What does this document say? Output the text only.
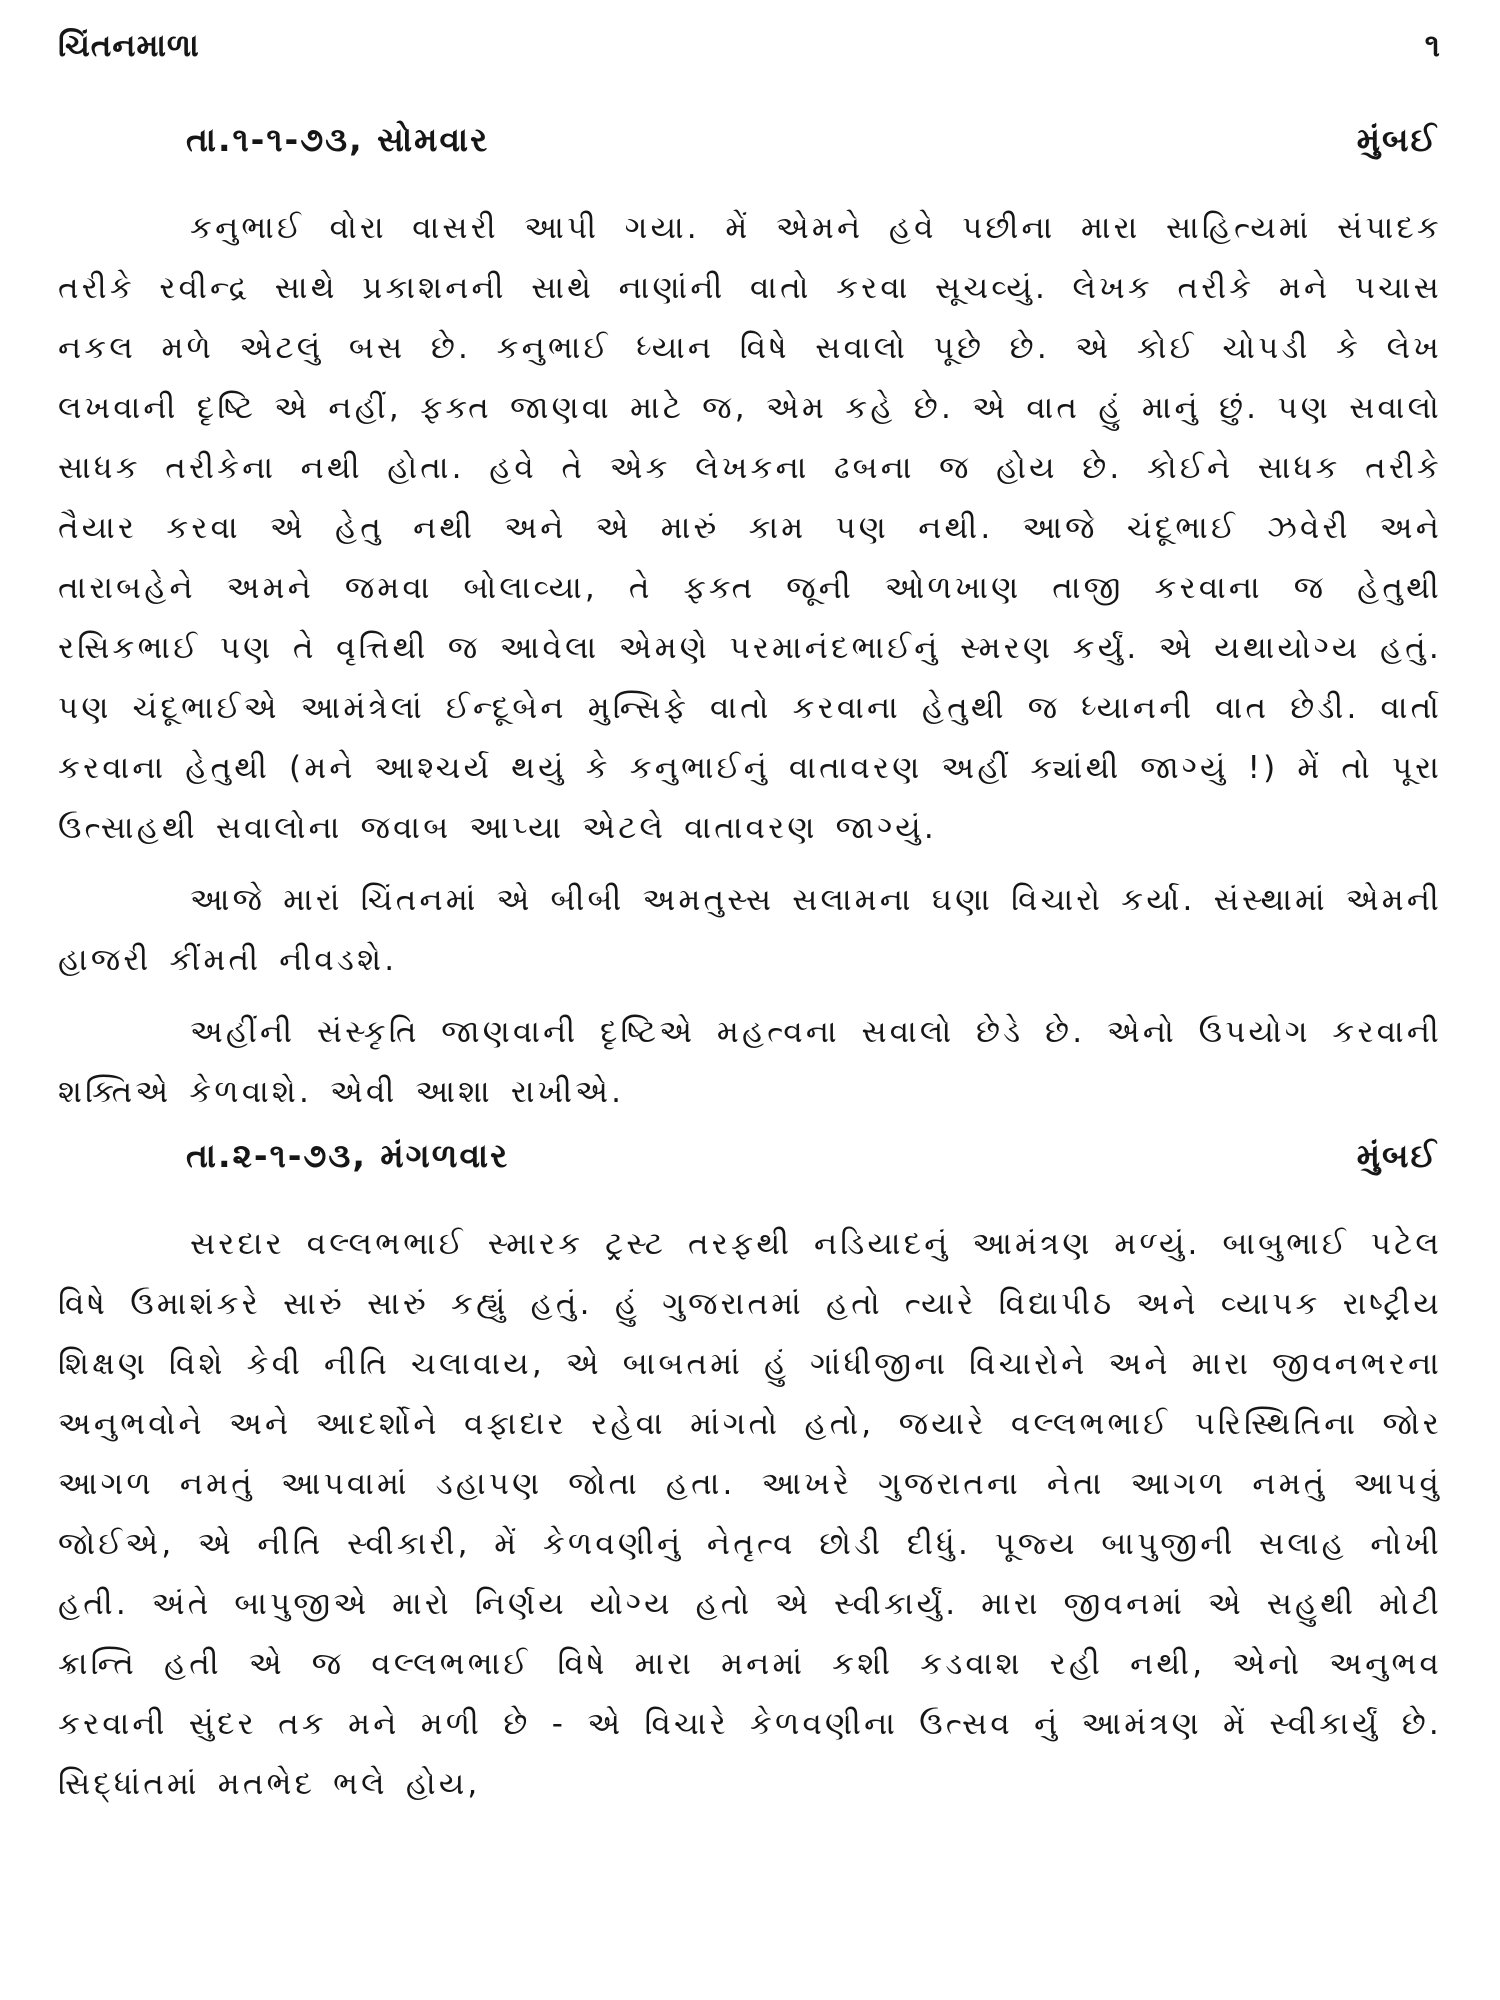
ચિંતનમાળા	૧
તા.૧-૧-૭૩, સોમવાર	મુંબઈ

કનુભાઈ વોરા વાસરી આપી ગયા. મેં એમને હવે પછીના મારા સાહિત્યમાં સંપાદક તરીકે રવીન્દ્ર સાથે પ્રકાશનની સાથે નાણાંની વાતો કરવા સૂચવ્યું. લેખક તરીકે મને પચાસ નકલ મળે એટલું બસ છે. કનુભાઈ ધ્યાન વિષે સવાલો પૂછે છે. એ કોઈ ચોપડી કે લેખ લખવાની દૃષ્ટિ એ નહીં, ફક્ત જાણવા માટે જ, એમ કહે છે. એ વાત હું માનું છું. પણ સવાલો સાધક તરીકેના નથી હોતા. હવે તે એક લેખકના ઢબના જ હોય છે. કોઈને સાધક તરીકે તૈયાર કરવા એ હેતુ નથી અને એ મારું કામ પણ નથી. આજે ચંદૂભાઈ ઝવેરી અને તારાબહેને અમને જમવા બોલાવ્યા, તે ફક્ત જૂની ઓળખાણ તાજી કરવાના જ હેતુથી રસિકભાઈ પણ તે વૃત્તિથી જ આવેલા એમણે પરમાનંદભાઈનું સ્મરણ કર્યું. એ યથાયોગ્ય હતું. પણ ચંદૂભાઈએ આમંત્રેલાં ઈન્દૂબેન મુન્સિફે વાતો કરવાના હેતુથી જ ધ્યાનની વાત છેડી. વાર્તા કરવાના હેતુથી (મને આશ્ચર્ય થયું કે કનુભાઈનું વાતાવરણ અહીં ક્યાંથી જાગ્યું !) મેં તો પૂરા ઉત્સાહથી સવાલોના જવાબ આપ્યા એટલે વાતાવરણ જાગ્યું.

આજે મારાં ચિંતનમાં એ બીબી અમતુસ્સ સલામના ઘણા વિચારો કર્યા. સંસ્થામાં એમની હાજરી કીંમતી નીવડશે.

અહીંની સંસ્કૃતિ જાણવાની દૃષ્ટિએ મહત્વના સવાલો છેડે છે. એનો ઉપયોગ કરવાની શક્તિએ કેળવાશે. એવી આશા રાખીએ.

તા.૨-૧-૭૩, મંગળવાર	મુંબઈ

સરદાર વલ્લભભાઈ સ્મારક ટ્રસ્ટ તરફથી નડિયાદનું આમંત્રણ મળ્યું. બાબુભાઈ પટેલ વિષે ઉમાશંકરે સારું સારું કહ્યું હતું. હું ગુજરાતમાં હતો ત્યારે વિદ્યાપીઠ અને વ્યાપક રાષ્ટ્રીય શિક્ષણ વિશે કેવી નીતિ ચલાવાય, એ બાબતમાં હું ગાંધીજીના વિચારોને અને મારા જીવનભરના અનુભવોને અને આદર્શોને વફાદાર રહેવા માંગતો હતો, જયારે વલ્લભભાઈ પરિસ્થિતિના જોર આગળ નમતું આપવામાં ડહાપણ જોતા હતા. આખરે ગુજરાતના નેતા આગળ નમતું આપવું જોઈએ, એ નીતિ સ્વીકારી, મેં કેળવણીનું નેતૃત્વ છોડી દીધું. પૂજ્ય બાપુજીની સલાહ નોખી હતી. અંતે બાપુજીએ મારો નિર્ણય યોગ્ય હતો એ સ્વીકાર્યું. મારા જીવનમાં એ સહુથી મોટી ક્રાન્તિ હતી એ જ વલ્લભભાઈ વિષે મારા મનમાં કશી કડવાશ રહી નથી, એનો અનુભવ કરવાની સુંદર તક મને મળી છે - એ વિચારે કેળવણીના ઉત્સવ નું આમંત્રણ મેં સ્વીકાર્યું છે. સિદ્ધાંતમાં મતભેદ ભલે હોય,
